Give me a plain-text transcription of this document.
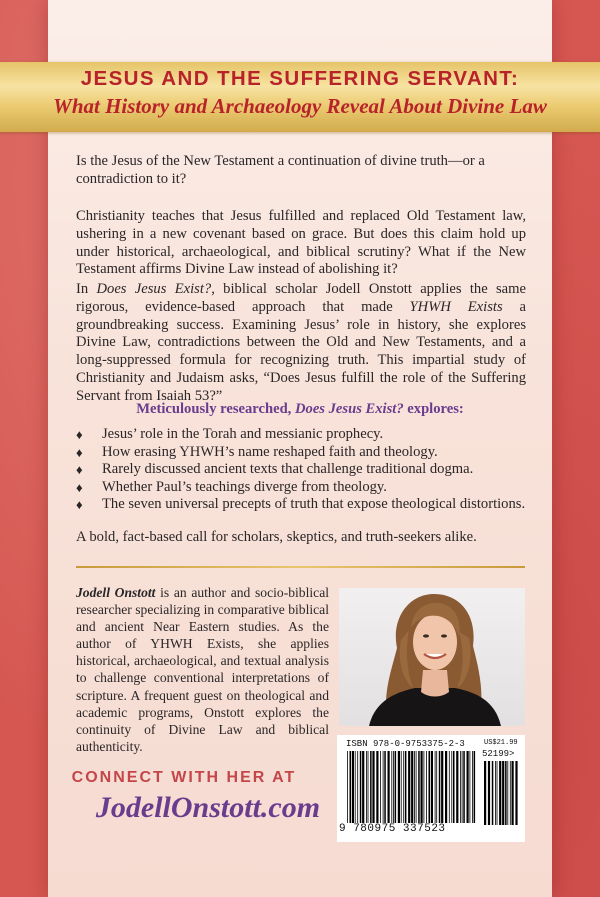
JESUS AND THE SUFFERING SERVANT:
What History and Archaeology Reveal About Divine Law
Is the Jesus of the New Testament a continuation of divine truth—or a contradiction to it?
Christianity teaches that Jesus fulfilled and replaced Old Testament law, ushering in a new covenant based on grace. But does this claim hold up under historical, archaeological, and biblical scrutiny? What if the New Testament affirms Divine Law instead of abolishing it?
In Does Jesus Exist?, biblical scholar Jodell Onstott applies the same rigorous, evidence-based approach that made YHWH Exists a groundbreaking success. Examining Jesus’ role in history, she explores Divine Law, contradictions between the Old and New Testaments, and a long-suppressed formula for recognizing truth. This impartial study of Christianity and Judaism asks, “Does Jesus fulfill the role of the Suffering Servant from Isaiah 53?”
Meticulously researched, Does Jesus Exist? explores:
♦ Jesus’ role in the Torah and messianic prophecy.
♦ How erasing YHWH’s name reshaped faith and theology.
♦ Rarely discussed ancient texts that challenge traditional dogma.
♦ Whether Paul’s teachings diverge from theology.
♦ The seven universal precepts of truth that expose theological distortions.
A bold, fact-based call for scholars, skeptics, and truth-seekers alike.
Jodell Onstott is an author and socio-biblical researcher specializing in comparative biblical and ancient Near Eastern studies. As the author of YHWH Exists, she applies historical, archaeological, and textual analysis to challenge conventional interpretations of scripture. A frequent guest on theological and academic programs, Onstott explores the continuity of Divine Law and biblical authenticity.
CONNECT WITH HER AT
JodellOnstott.com
ISBN 978-0-9753375-2-3	US$21.99
52199>
9 780975 337523
